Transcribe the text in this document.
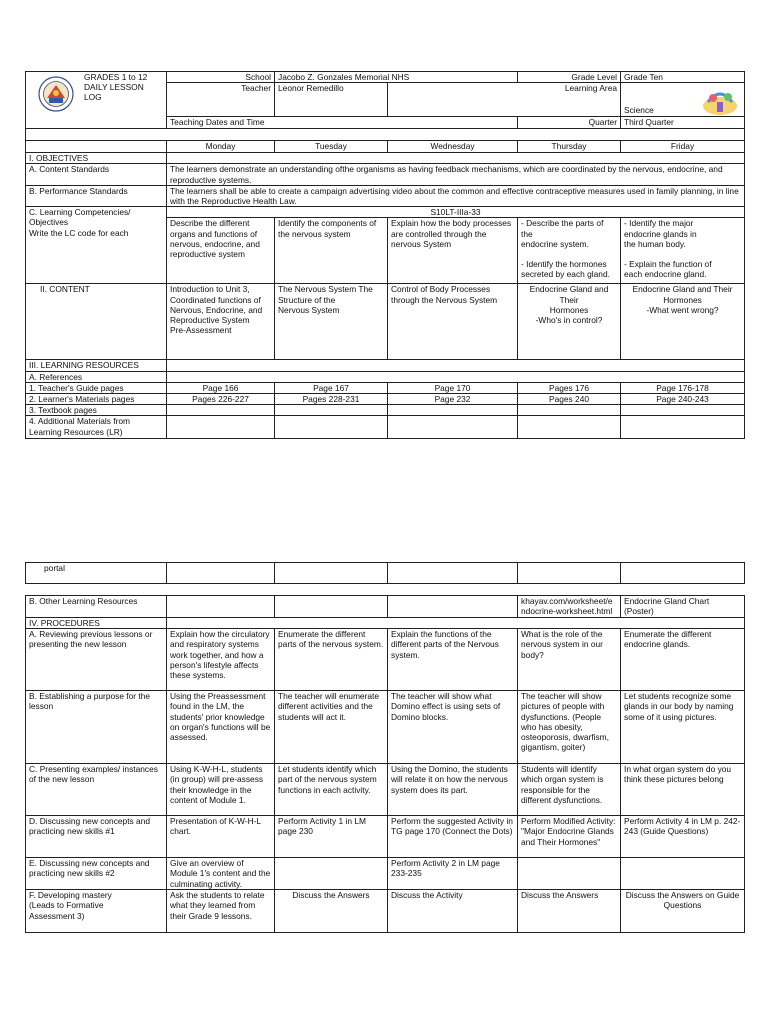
GRADES 1 to 12
DAILY LESSON
LOG	School	Jacobo Z. Gonzales Memorial NHS		Grade Level	Grade Ten
	Teacher	Leonor Remedillo		Learning Area	Science
	Teaching Dates and Time			Quarter	Third Quarter

	Monday	Tuesday	Wednesday	Thursday	Friday
I. OBJECTIVES					
A. Content Standards	The learners demonstrate an understanding ofthe organisms as having feedback mechanisms, which are coordinated by the nervous, endocrine, and reproductive systems.				
B. Performance Standards	The learners shall be able to create a campaign advertising video about the common and effective contraceptive measures used in family planning, in line with the Reproductive Health Law.				
C. Learning Competencies/
Objectives
Write the LC code for each	S10LT-IIIa-33				
	Describe the different organs and functions of nervous, endocrine, and reproductive system	Identify the components of the nervous system	Explain how the body processes are controlled through the nervous System	- Describe the parts of the
endocrine system.

- Identify the hormones
secreted by each gland.	- Identify the major
endocrine glands in
the human body.

- Explain the function of
each endocrine gland.
II. CONTENT	Introduction to Unit 3, Coordinated functions of Nervous, Endocrine, and Reproductive System
Pre-Assessment	The Nervous System The
Structure of the
Nervous System	Control of Body Processes through the Nervous System	Endocrine Gland and Their
Hormones
-Who's in control?	Endocrine Gland and Their
Hormones
-What went wrong?
III. LEARNING RESOURCES					
A. References					
1. Teacher's Guide pages	Page 166	Page 167	Page 170	Pages 176	Page 176-178
2. Learner's Materials pages	Pages 226-227	Pages 228-231	Page 232	Pages 240	Page 240-243
3. Textbook pages					
4. Additional Materials from
Learning Resources (LR)					
portal					
B. Other Learning Resources				khayav.com/worksheet/endocrine-worksheet.html	Endocrine Gland Chart (Poster)
IV. PROCEDURES					
A. Reviewing previous lessons or presenting the new lesson	Explain how the circulatory and respiratory systems work together, and how a person's lifestyle affects these systems.	Enumerate the different parts of the nervous system.	Explain the functions of the different parts of the Nervous system.	What is the role of the nervous system in our body?	Enumerate the different endocrine glands.
B. Establishing a purpose for the lesson	Using the Preassessment found in the LM, the students' prior knowledge on organ's functions will be assessed.	The teacher will enumerate different activities and the students will act it.	The teacher will show what Domino effect is using sets of Domino blocks.	The teacher will show pictures of people with dysfunctions. (People who has obesity, osteoporosis, dwarfism, gigantism, goiter)	Let students recognize some glands in our body by naming some of it using pictures.
C. Presenting examples/ instances of the new lesson	Using K-W-H-L, students (in group) will pre-assess their knowledge in the content of Module 1.	Let students identify which part of the nervous system functions in each activity.	Using the Domino, the students will relate it on how the nervous system does its part.	Students will identify which organ system is responsible for the different dysfunctions.	In what organ system do you think these pictures belong
D. Discussing new concepts and practicing new skills #1	Presentation of K-W-H-L chart.	Perform Activity 1 in LM page 230	Perform the suggested Activity in TG page 170 (Connect the Dots)	Perform Modified Activity: "Major Endocrine Glands and Their Hormones"	Perform Activity 4 in LM p. 242-243 (Guide Questions)
E. Discussing new concepts and practicing new skills #2	Give an overview of Module 1's content and the culminating activity.		Perform Activity 2 in LM page 233-235		
F. Developing mastery
(Leads to Formative
Assessment 3)	Ask the students to relate what they learned from their Grade 9 lessons.	Discuss the Answers	Discuss the Activity	Discuss the Answers	Discuss the Answers on Guide Questions
